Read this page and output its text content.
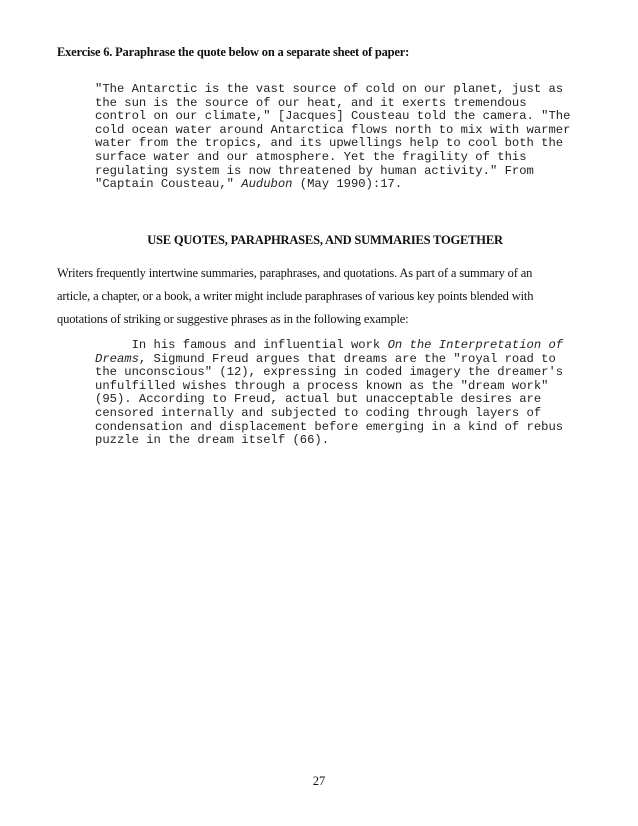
Exercise 6. Paraphrase the quote below on a separate sheet of paper:
"The Antarctic is the vast source of cold on our planet, just as
the sun is the source of our heat, and it exerts tremendous
control on our climate," [Jacques] Cousteau told the camera. "The
cold ocean water around Antarctica flows north to mix with warmer
water from the tropics, and its upwellings help to cool both the
surface water and our atmosphere. Yet the fragility of this
regulating system is now threatened by human activity." From
"Captain Cousteau," Audubon (May 1990):17.
USE QUOTES, PARAPHRASES, AND SUMMARIES TOGETHER
Writers frequently intertwine summaries, paraphrases, and quotations. As part of a summary of an
article, a chapter, or a book, a writer might include paraphrases of various key points blended with
quotations of striking or suggestive phrases as in the following example:
In his famous and influential work On the Interpretation of
Dreams, Sigmund Freud argues that dreams are the "royal road to
the unconscious" (12), expressing in coded imagery the dreamer's
unfulfilled wishes through a process known as the "dream work"
(95). According to Freud, actual but unacceptable desires are
censored internally and subjected to coding through layers of
condensation and displacement before emerging in a kind of rebus
puzzle in the dream itself (66).
27
